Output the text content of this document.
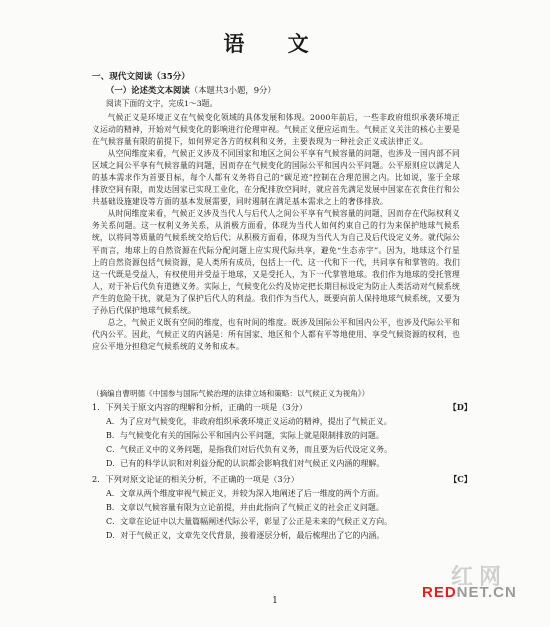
语 文
一、现代文阅读（35分）
（一）论述类文本阅读（本题共3小题，9分）
阅读下面的文字，完成1～3题。

气候正义是环境正义在气候变化领域的具体发展和体现。2000年前后，一些非政府组织承袭环境正义运动的精神，开始对气候变化的影响进行伦理审视。气候正义便应运而生。气候正义关注的核心主要是在气候容量有限的前提下，如何界定各方的权利和义务，主要表现为一种社会正义或法律正义。

从空间维度来看，气候正义涉及不同国家和地区之间公平享有气候容量的问题，也涉及一国内部不同区域之间公平享有气候容量的问题，因而存在气候变化的国际公平和国内公平问题。公平原则应以满足人的基本需求作为首要目标，每个人都有义务将自己的“碳足迹”控制在合理范围之内。比如说，鉴于全球排放空间有限，而发达国家已实现工业化，在分配排放空间时，就应首先满足发展中国家在衣食住行和公共基础设施建设等方面的基本发展需要，同时遏制在满足基本需求之上的奢侈排放。

从时间维度来看，气候正义涉及当代人与后代人之间公平享有气候容量的问题，因而存在代际权利义务关系问题。这一权利义务关系，从消极方面看，体现为当代人如何约束自己的行为来保护地球气候系统，以将同等质量的气候系统交给后代；从积极方面看，体现为当代人为自己及后代设定义务。就代际公平而言，地球上的自然资源在代际分配问题上应实现代际共享，避免“生态赤字”。因为，地球这个行星上的自然资源包括气候资源，是人类所有成员，包括上一代、这一代和下一代，共同享有和掌管的。我们这一代既是受益人，有权使用并受益于地球，又是受托人，为下一代掌管地球。我们作为地球的受托管理人，对于补后代负有道德义务。实际上，气候变化公约及协定把长期目标设定为防止人类活动对气候系统产生的危险干扰，就是为了保护后代人的利益。我们作为当代人，既要向前人保持地球气候系统，又要为子孙后代保护地球气候系统。

总之，气候正义既有空间的维度，也有时间的维度。既涉及国际公平和国内公平，也涉及代际公平和代内公平。因此，气候正义的内涵是：所有国家、地区和个人都有平等地使用、享受气候资源的权利，也应公平地分担稳定气候系统的义务和成本。

（摘编自曹明德《中国参与国际气候治理的法律立场和策略：以气候正义为视角》）
1．下列关于原文内容的理解和分析，正确的一项是（3分）	【D】
A．为了应对气候变化，非政府组织承袭环境正义运动的精神，提出了气候正义。
B．与气候变化有关的国际公平和国内公平问题，实际上就是限制排放的问题。
C．气候正义中的义务问题，是指我们对后代负有义务，而且要为后代设定义务。
D．已有的科学认识和对利益分配的认识都会影响我们对气候正义内涵的理解。
2．下列对原文论证的相关分析，不正确的一项是（3分）	【C】
A．文章从两个维度审视气候正义，并较为深入地阐述了后一维度的两个方面。
B．文章以气候容量有限为立论前提，并由此指向了气候正义的社会正义问题。
C．文章在论证中以大量篇幅阐述代际公平，彰显了公正是未来的气候正义方向。
D．对于气候正义，文章先交代背景，接着逐层分析，最后梳理出了它的内涵。
红网
REDNET.CN
1
